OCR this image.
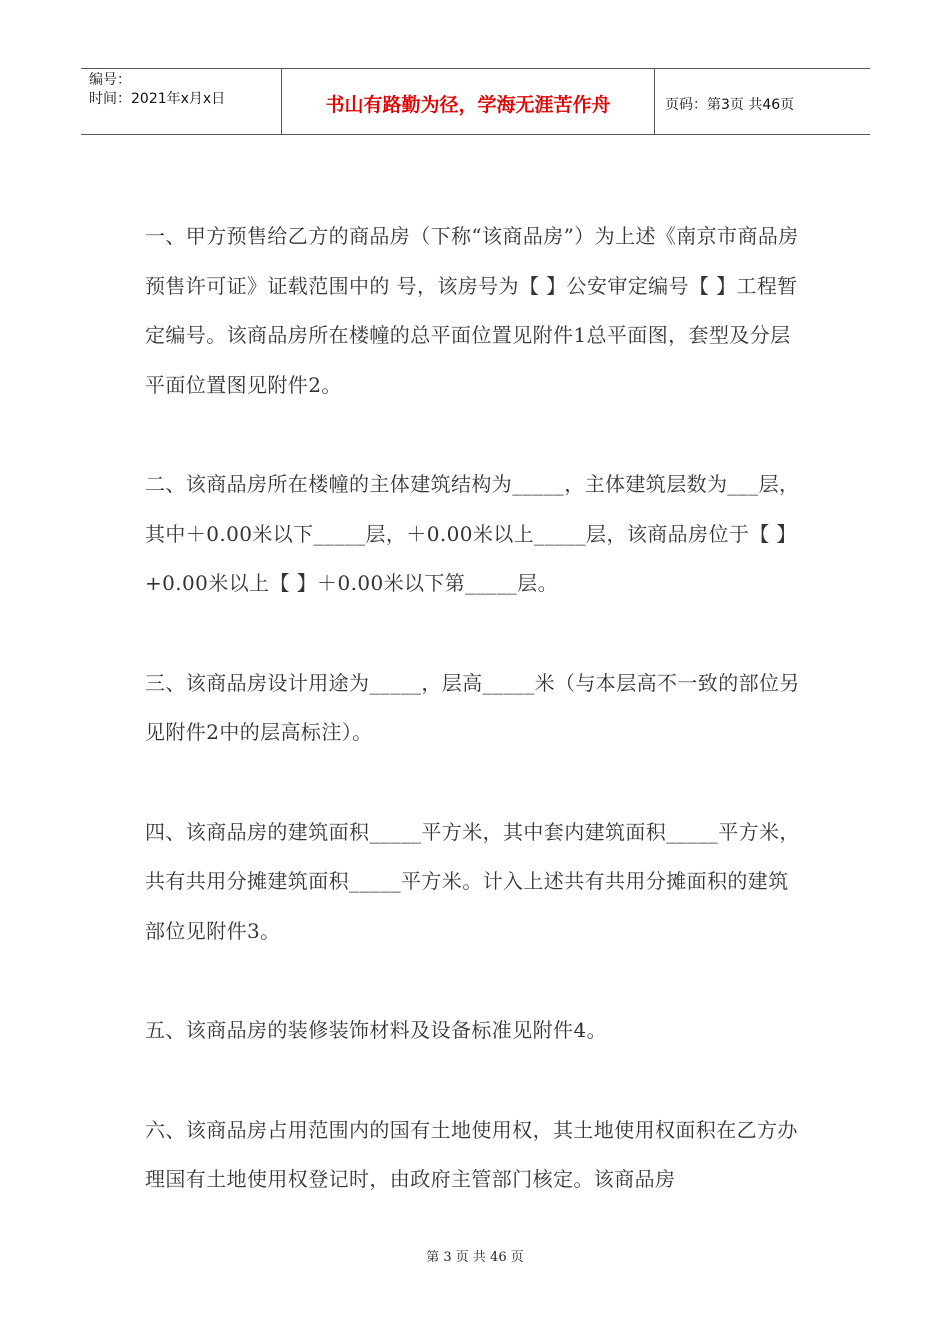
编号：
时间：2021年x月x日	书山有路勤为径，学海无涯苦作舟	页码：第3页 共46页

一、甲方预售给乙方的商品房（下称“该商品房”）为上述《南京市商品房预售许可证》证载范围中的 号，该房号为【 】公安审定编号【 】工程暂定编号。该商品房所在楼幢的总平面位置见附件1总平面图，套型及分层平面位置图见附件2。

二、该商品房所在楼幢的主体建筑结构为_____，主体建筑层数为___层，其中＋0.00米以下_____层，＋0.00米以上_____层，该商品房位于【 】+0.00米以上【 】＋0.00米以下第_____层。

三、该商品房设计用途为_____，层高_____米（与本层高不一致的部位另见附件2中的层高标注）。

四、该商品房的建筑面积_____平方米，其中套内建筑面积_____平方米，共有共用分摊建筑面积_____平方米。计入上述共有共用分摊面积的建筑部位见附件3。

五、该商品房的装修装饰材料及设备标准见附件4。

六、该商品房占用范围内的国有土地使用权，其土地使用权面积在乙方办理国有土地使用权登记时，由政府主管部门核定。该商品房

第 3 页 共 46 页
